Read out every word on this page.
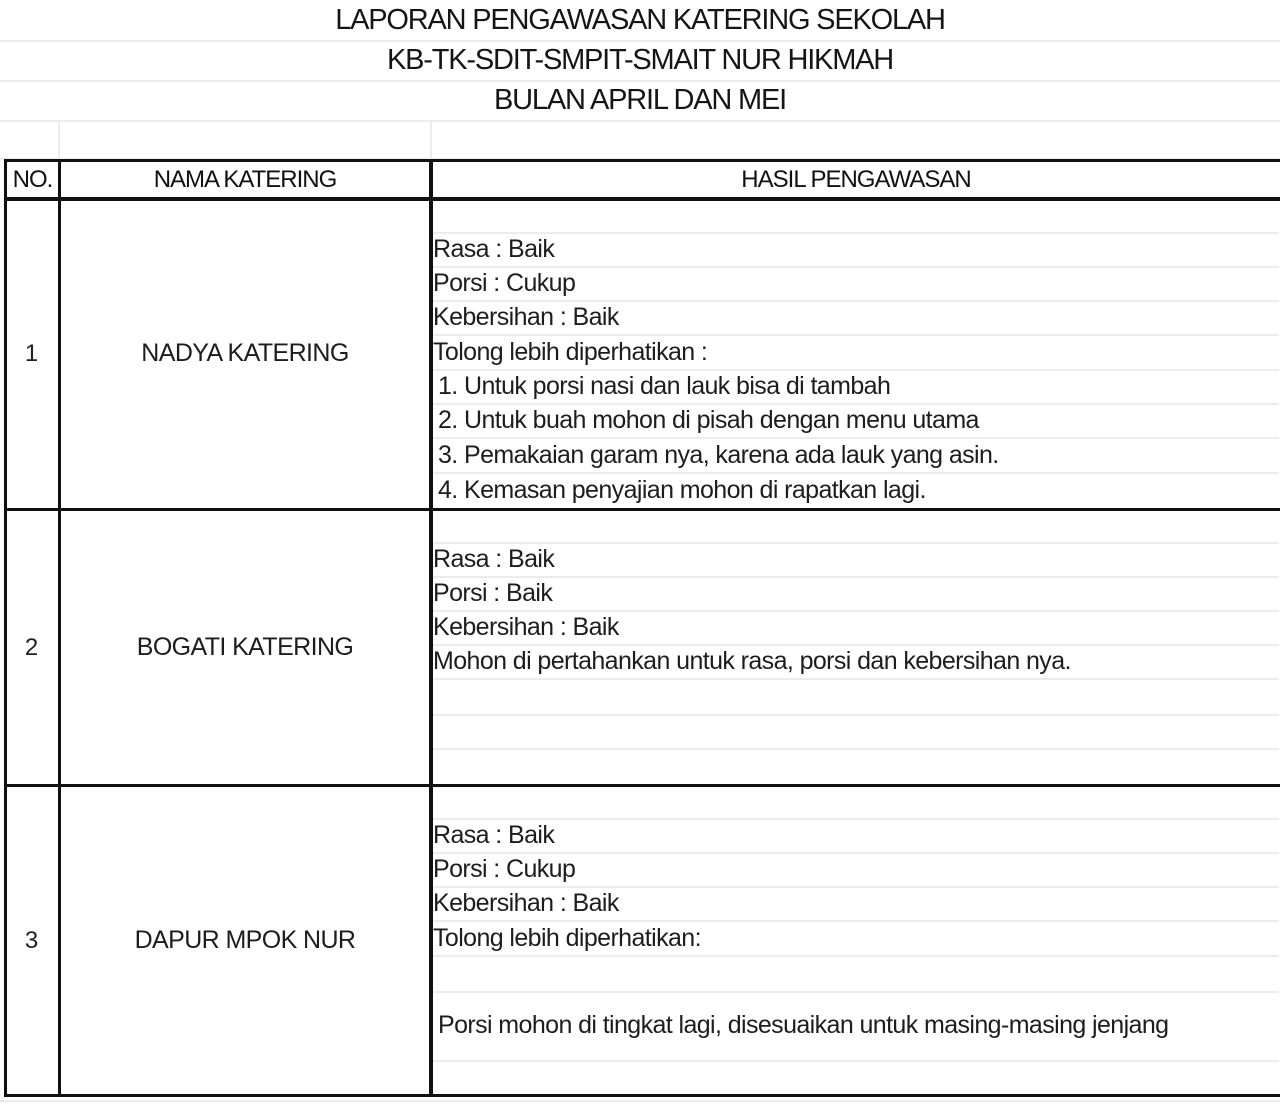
LAPORAN PENGAWASAN KATERING SEKOLAH
KB-TK-SDIT-SMPIT-SMAIT NUR HIKMAH
BULAN APRIL DAN MEI
NO.	NAMA KATERING	HASIL PENGAWASAN
1	NADYA KATERING
Rasa : Baik
Porsi : Cukup
Kebersihan : Baik
Tolong lebih diperhatikan :
1. Untuk porsi nasi dan lauk bisa di tambah
2. Untuk buah mohon di pisah dengan menu utama
3. Pemakaian garam nya, karena ada lauk yang asin.
4. Kemasan penyajian mohon di rapatkan lagi.
2	BOGATI KATERING
Rasa : Baik
Porsi : Baik
Kebersihan : Baik
Mohon di pertahankan untuk rasa, porsi dan kebersihan nya.
3	DAPUR MPOK NUR
Rasa : Baik
Porsi : Cukup
Kebersihan : Baik
Tolong lebih diperhatikan:
Porsi mohon di tingkat lagi, disesuaikan untuk masing-masing jenjang
